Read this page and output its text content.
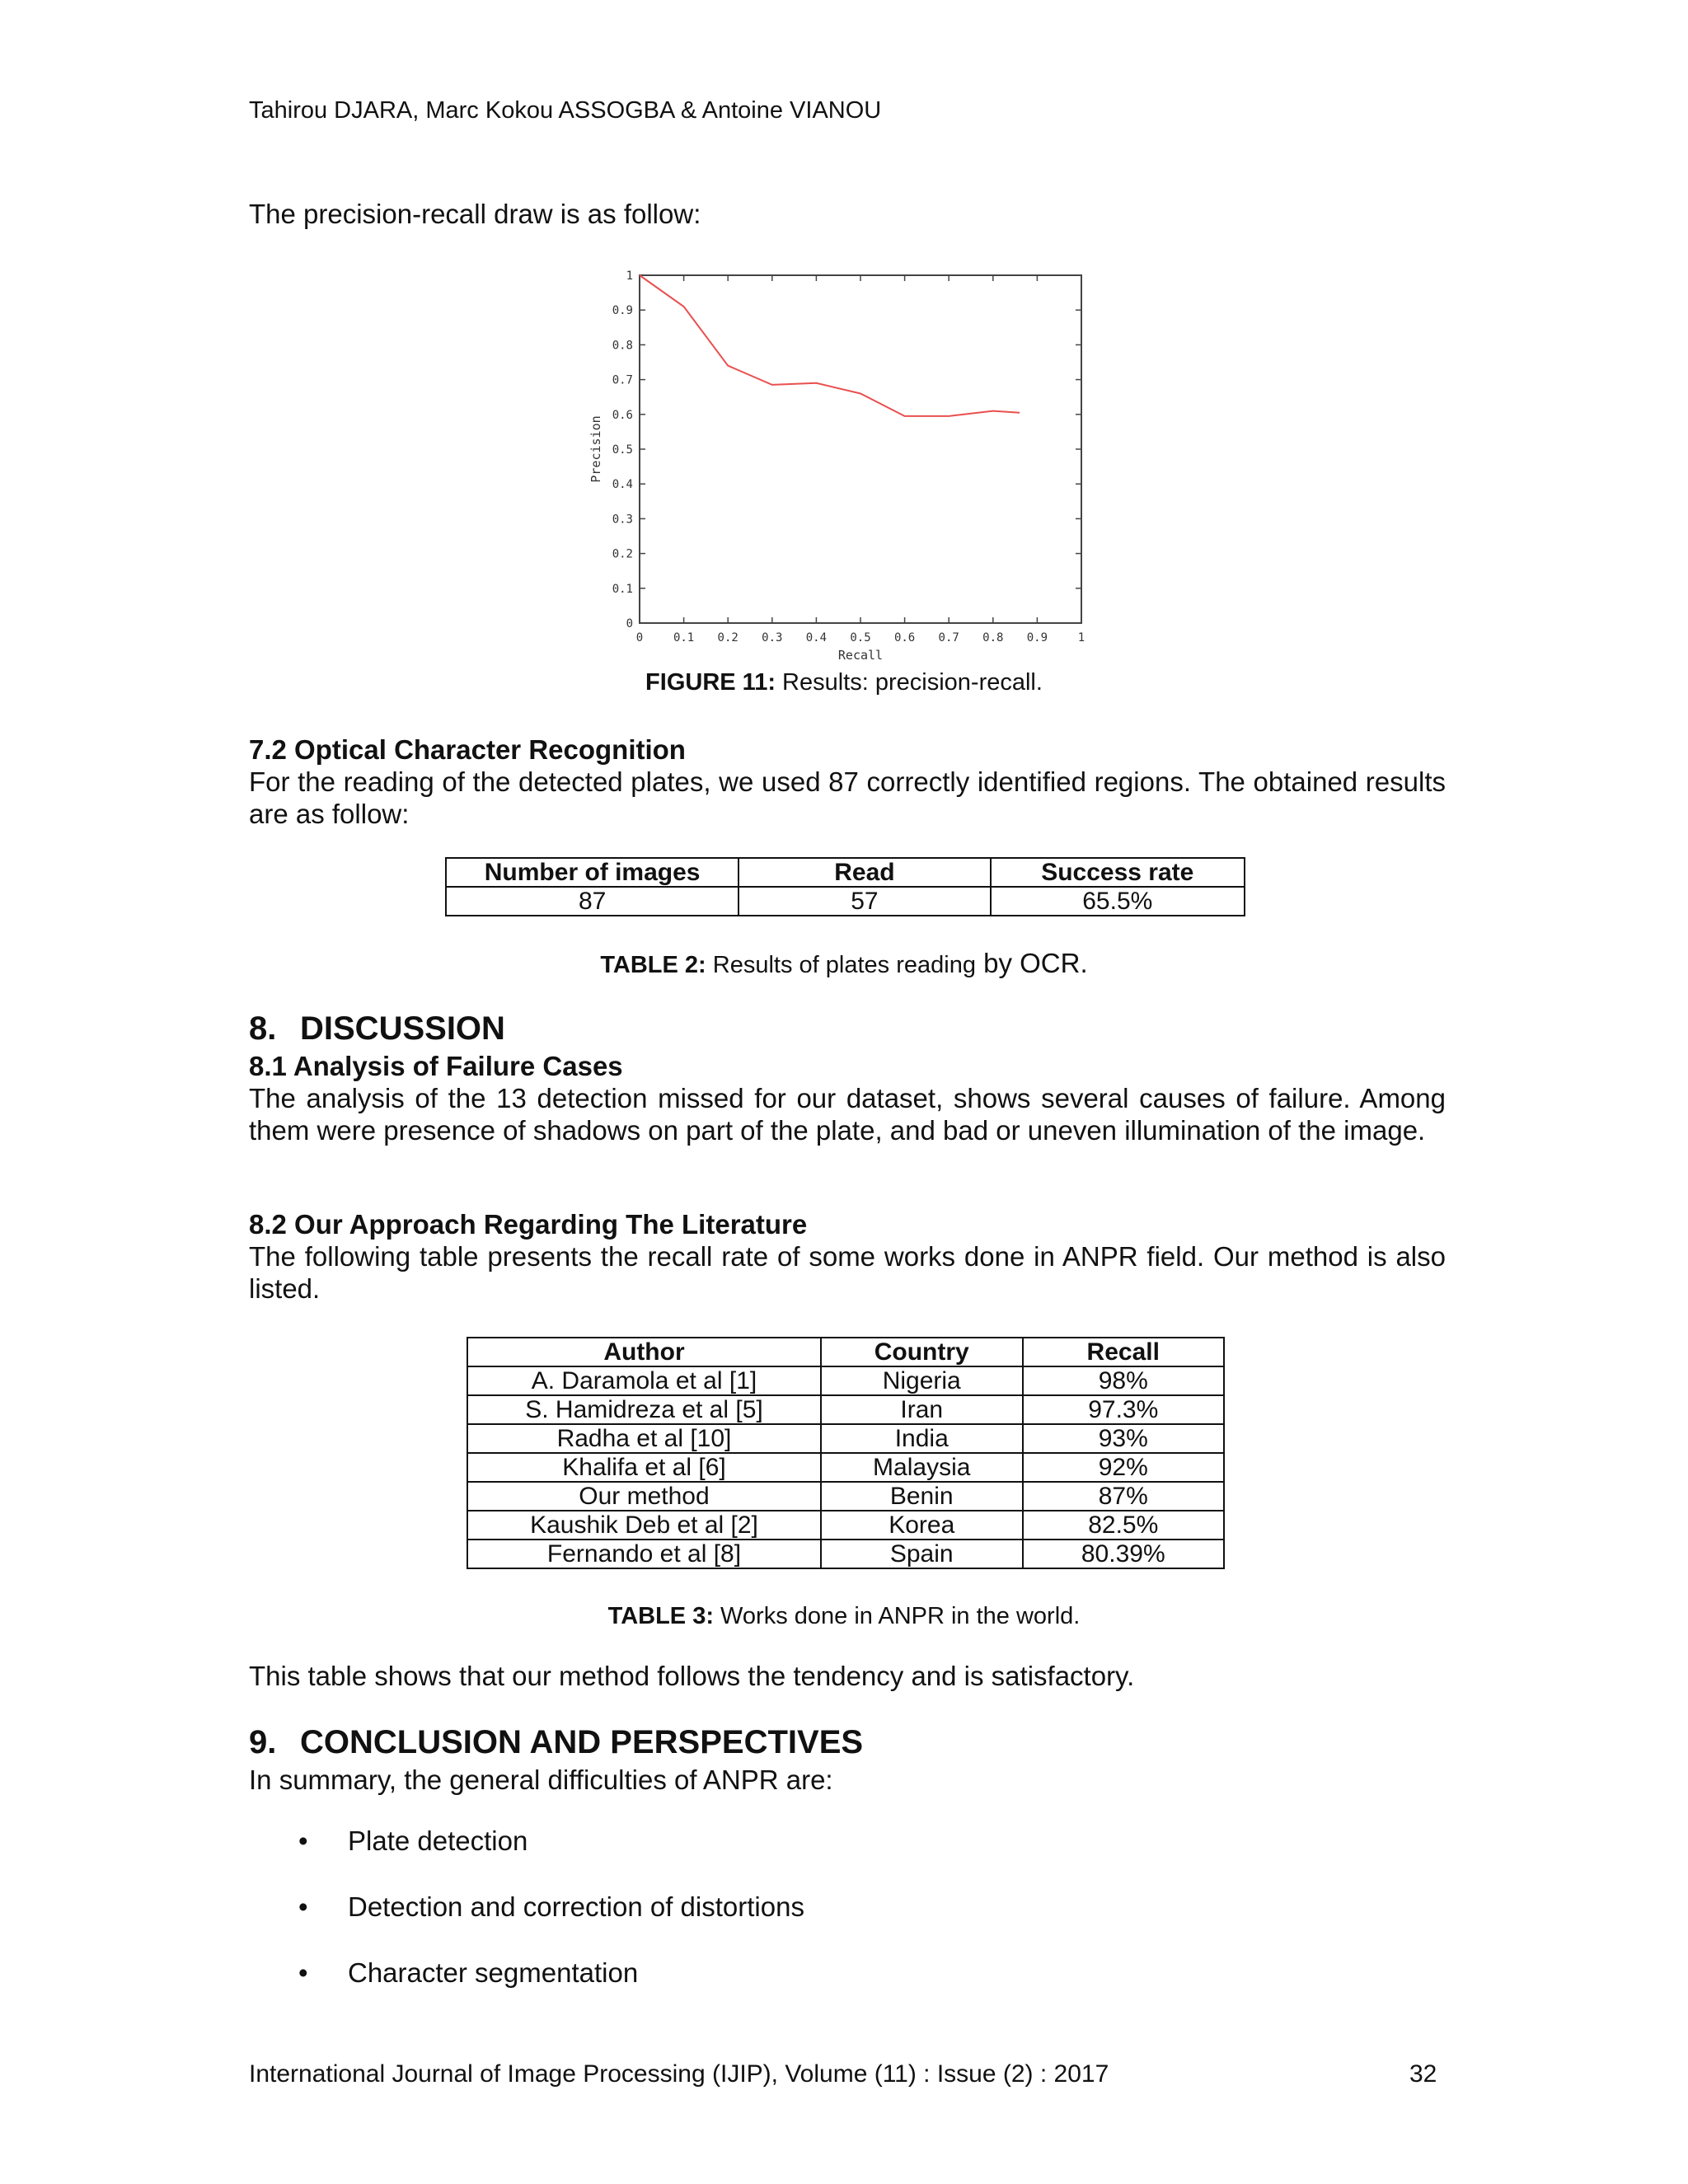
Tahirou DJARA, Marc Kokou ASSOGBA & Antoine VIANOU
The precision-recall draw is as follow:
0	0.1 0.2 0.3 0.4 0.5 0.6 0.7 0.8 0.9	1
0
0.1
0.2
0.3
0.4
0.5
0.6
0.7
0.8
0.9
1
Recall
Precision
FIGURE 11: Results: precision-recall.
7.2 Optical Character Recognition
For the reading of the detected plates, we used 87 correctly identified regions. The obtained results are as follow:
Number of images	Read	Success rate
87	57	65.5%
TABLE 2: Results of plates reading by OCR.
8. DISCUSSION
8.1 Analysis of Failure Cases
The analysis of the 13 detection missed for our dataset, shows several causes of failure. Among them were presence of shadows on part of the plate, and bad or uneven illumination of the image.
8.2 Our Approach Regarding The Literature
The following table presents the recall rate of some works done in ANPR field. Our method is also listed.
Author	Country	Recall
A. Daramola et al [1]	Nigeria	98%
S. Hamidreza et al [5]	Iran	97.3%
Radha et al [10]	India	93%
Khalifa et al [6]	Malaysia	92%
Our method	Benin	87%
Kaushik Deb et al [2]	Korea	82.5%
Fernando et al [8]	Spain	80.39%
TABLE 3: Works done in ANPR in the world.
This table shows that our method follows the tendency and is satisfactory.
9. CONCLUSION AND PERSPECTIVES
In summary, the general difficulties of ANPR are:
• Plate detection
• Detection and correction of distortions
• Character segmentation
International Journal of Image Processing (IJIP), Volume (11) : Issue (2) : 2017	32
